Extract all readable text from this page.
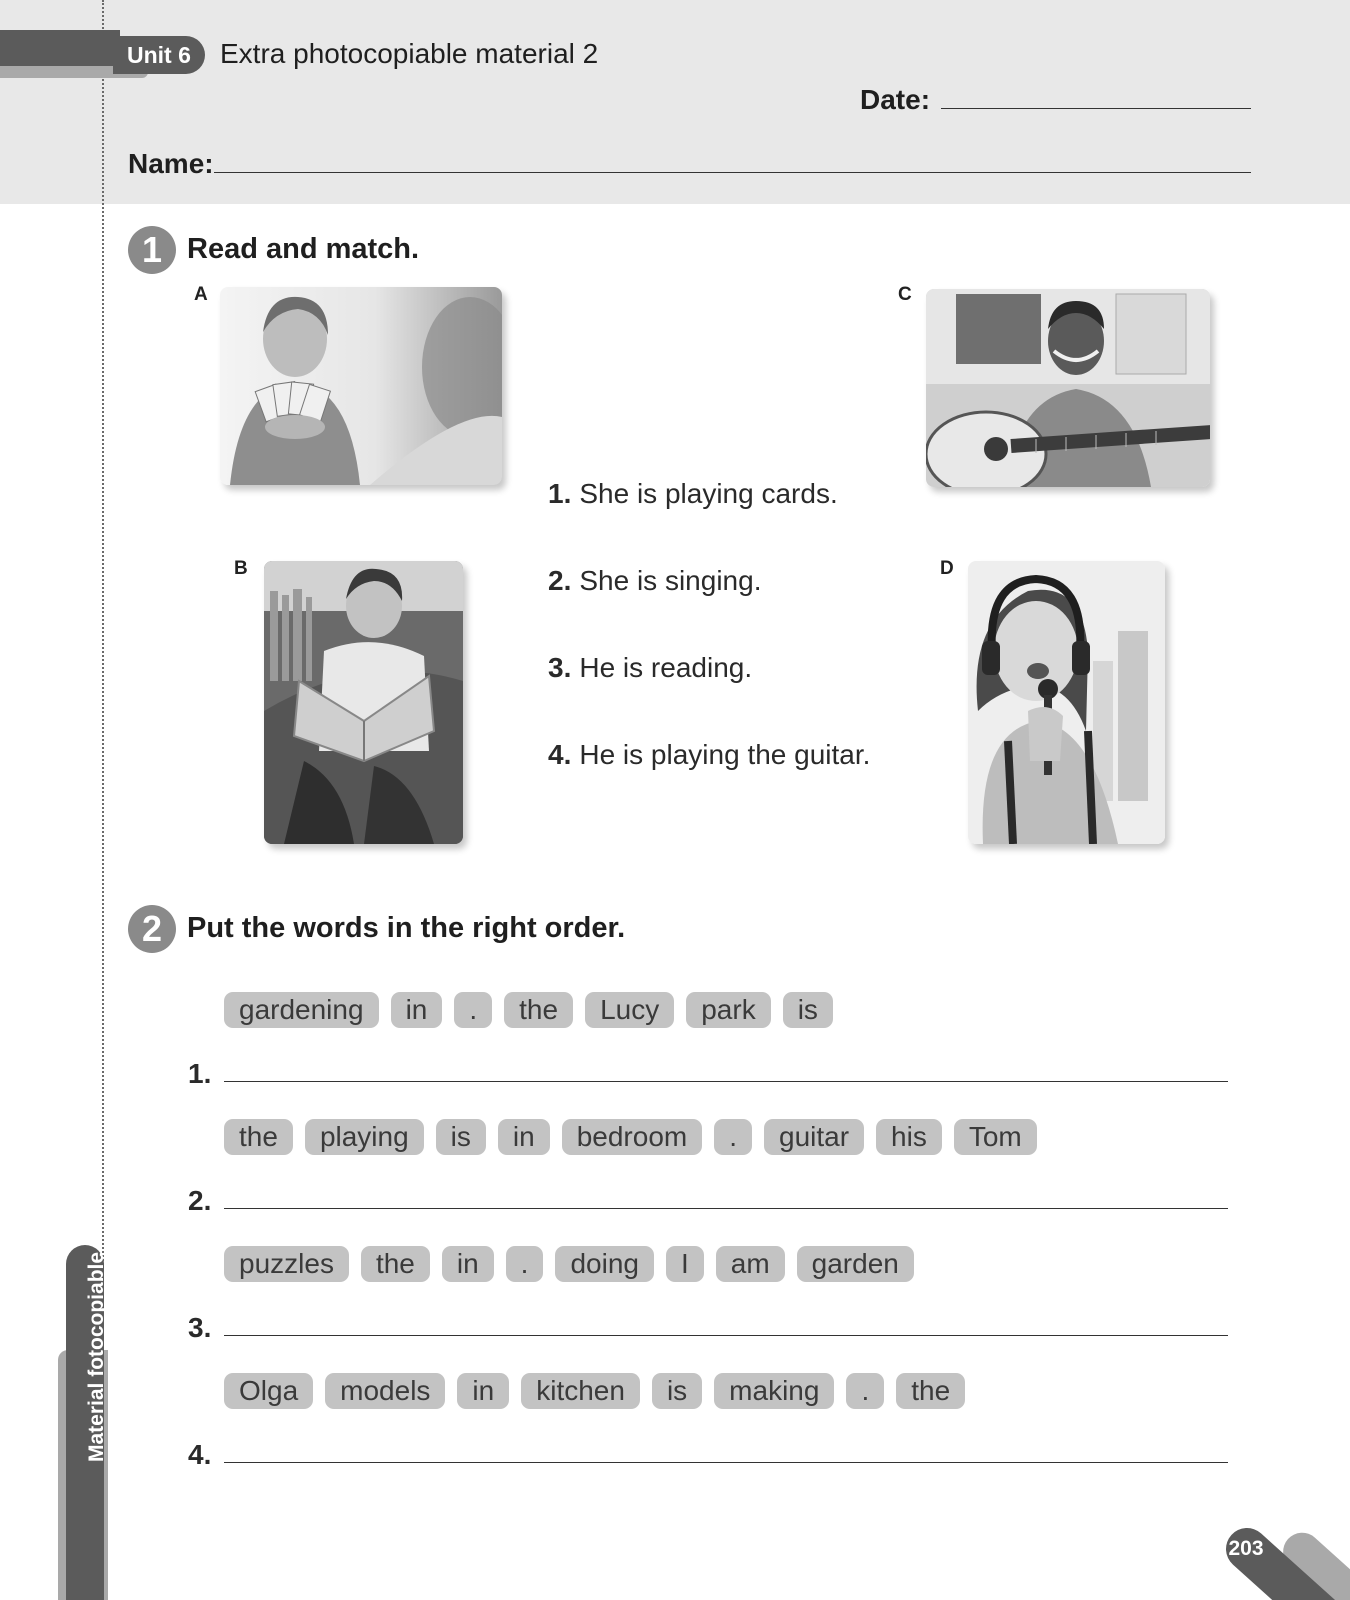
Unit 6	Extra photocopiable material 2
Date:
Name:
1 Read and match.
A
B
C
D
1. She is playing cards.
2. She is singing.
3. He is reading.
4. He is playing the guitar.
2 Put the words in the right order.
gardening	in	.	the	Lucy	park	is
1.
the	playing	is	in	bedroom	.	guitar	his	Tom
2.
puzzles	the	in	.	doing	I	am	garden
3.
Olga	models	in	kitchen	is	making	.	the
4.
Material fotocopiable
203
